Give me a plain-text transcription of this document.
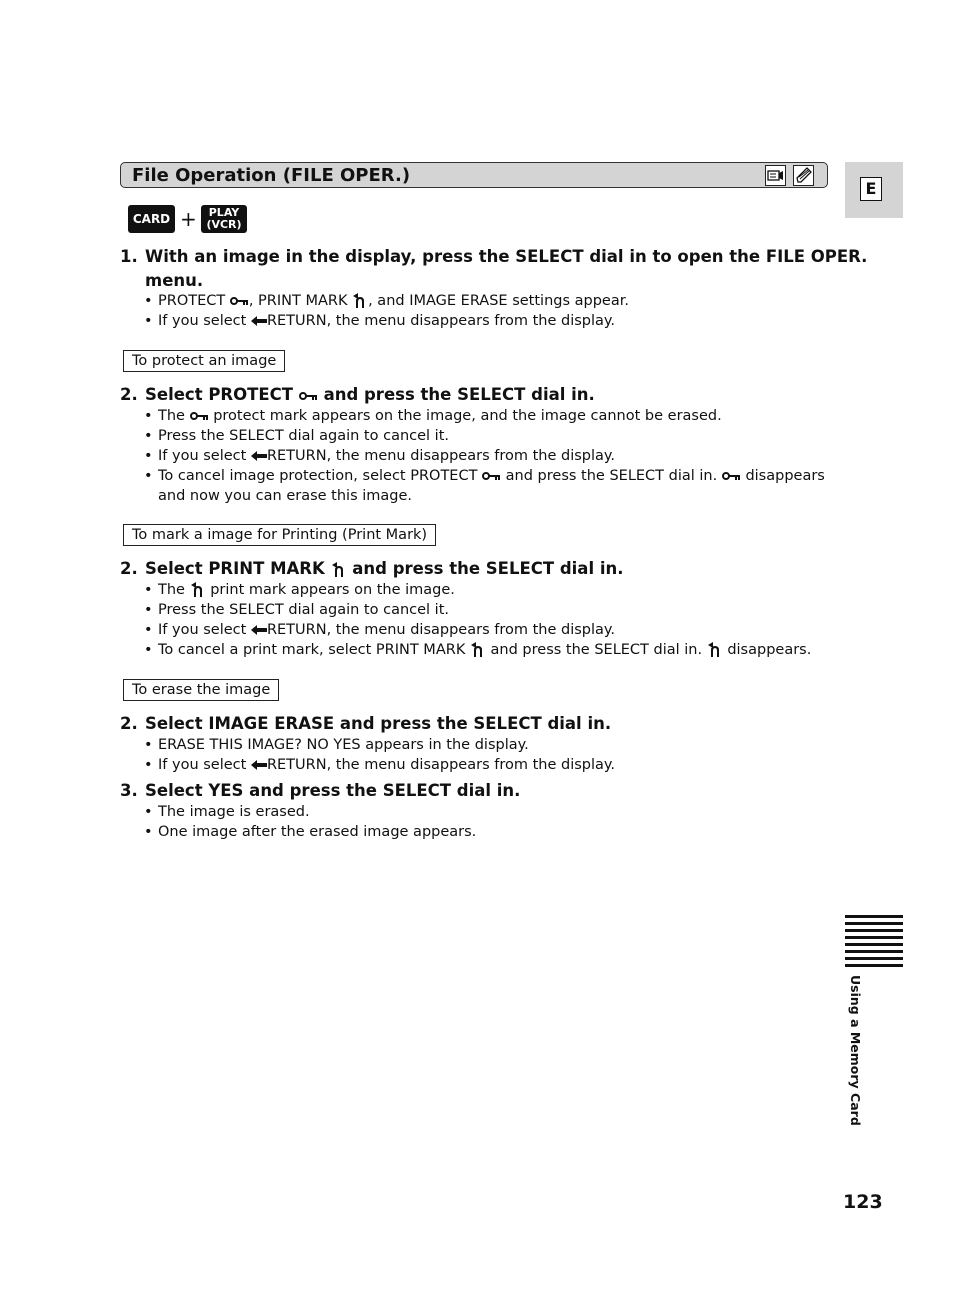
File Operation (FILE OPER.)
E
CARD +	PLAY
(VCR)
1. With an image in the display, press the SELECT dial in to open the FILE OPER.
menu.
• PROTECT , PRINT MARK , and IMAGE ERASE settings appear.
• If you select RETURN, the menu disappears from the display.
To protect an image
2. Select PROTECT and press the SELECT dial in.
• The protect mark appears on the image, and the image cannot be erased.
• Press the SELECT dial again to cancel it.
• If you select RETURN, the menu disappears from the display.
• To cancel image protection, select PROTECT and press the SELECT dial in. disappears
and now you can erase this image.
To mark a image for Printing (Print Mark)
2. Select PRINT MARK and press the SELECT dial in.
• The print mark appears on the image.
• Press the SELECT dial again to cancel it.
• If you select RETURN, the menu disappears from the display.
• To cancel a print mark, select PRINT MARK and press the SELECT dial in. disappears.
To erase the image
2. Select IMAGE ERASE and press the SELECT dial in.
• ERASE THIS IMAGE? NO YES appears in the display.
• If you select RETURN, the menu disappears from the display.
3. Select YES and press the SELECT dial in.
• The image is erased.
• One image after the erased image appears.
Using a Memory Card
123
